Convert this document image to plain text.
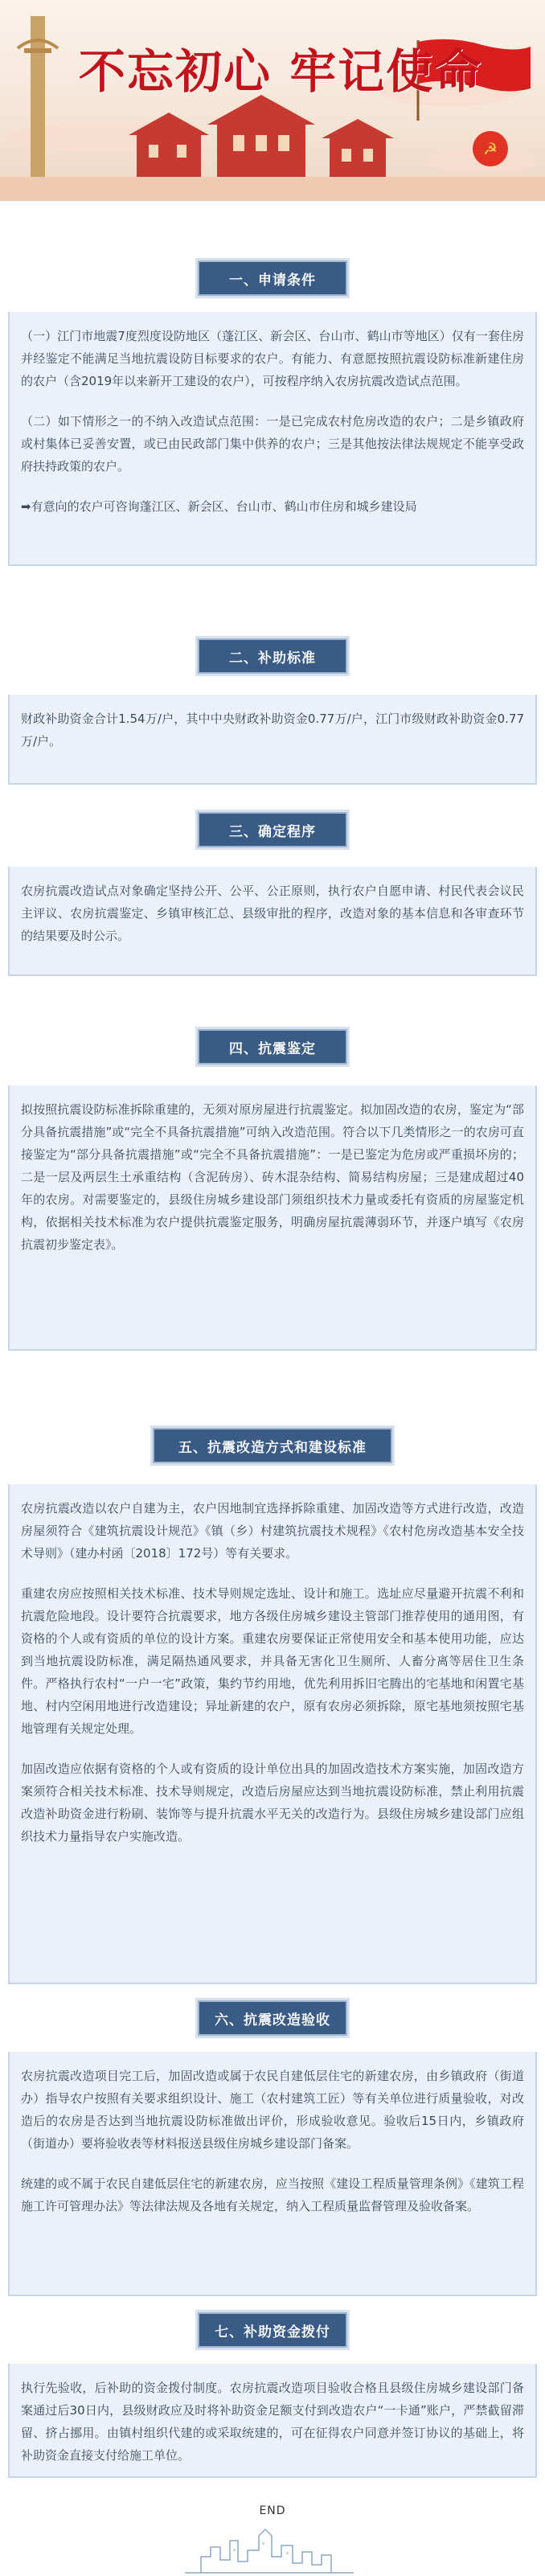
☭
不忘初心 牢记使命
一、申请条件

（一）江门市地震7度烈度设防地区（蓬江区、新会区、台山市、鹤山市等地区）仅有一套住房并经鉴定不能满足当地抗震设防目标要求的农户。有能力、有意愿按照抗震设防标准新建住房的农户（含2019年以来新开工建设的农户），可按程序纳入农房抗震改造试点范围。

（二）如下情形之一的不纳入改造试点范围：一是已完成农村危房改造的农户；二是乡镇政府或村集体已妥善安置，或已由民政部门集中供养的农户；三是其他按法律法规规定不能享受政府扶持政策的农户。

➡有意向的农户可咨询蓬江区、新会区、台山市、鹤山市住房和城乡建设局

二、补助标准

财政补助资金合计1.54万/户，其中中央财政补助资金0.77万/户，江门市级财政补助资金0.77万/户。

三、确定程序

农房抗震改造试点对象确定坚持公开、公平、公正原则，执行农户自愿申请、村民代表会议民主评议、农房抗震鉴定、乡镇审核汇总、县级审批的程序，改造对象的基本信息和各审查环节的结果要及时公示。

四、抗震鉴定

拟按照抗震设防标准拆除重建的，无须对原房屋进行抗震鉴定。拟加固改造的农房，鉴定为“部分具备抗震措施”或“完全不具备抗震措施”可纳入改造范围。符合以下几类情形之一的农房可直接鉴定为“部分具备抗震措施”或“完全不具备抗震措施”：一是已鉴定为危房或严重损坏房的；二是一层及两层生土承重结构（含泥砖房）、砖木混杂结构、简易结构房屋；三是建成超过40年的农房。对需要鉴定的，县级住房城乡建设部门须组织技术力量或委托有资质的房屋鉴定机构，依据相关技术标准为农户提供抗震鉴定服务，明确房屋抗震薄弱环节，并逐户填写《农房抗震初步鉴定表》。

五、抗震改造方式和建设标准

农房抗震改造以农户自建为主，农户因地制宜选择拆除重建、加固改造等方式进行改造，改造房屋须符合《建筑抗震设计规范》《镇（乡）村建筑抗震技术规程》《农村危房改造基本安全技术导则》（建办村函〔2018〕172号）等有关要求。

重建农房应按照相关技术标准、技术导则规定选址、设计和施工。选址应尽量避开抗震不利和抗震危险地段。设计要符合抗震要求，地方各级住房城乡建设主管部门推荐使用的通用图，有资格的个人或有资质的单位的设计方案。重建农房要保证正常使用安全和基本使用功能，应达到当地抗震设防标准，满足隔热通风要求，并具备无害化卫生厕所、人畜分离等居住卫生条件。严格执行农村“一户一宅”政策，集约节约用地，优先利用拆旧宅腾出的宅基地和闲置宅基地、村内空闲用地进行改造建设；异址新建的农户，原有农房必须拆除，原宅基地须按照宅基地管理有关规定处理。

加固改造应依据有资格的个人或有资质的设计单位出具的加固改造技术方案实施，加固改造方案须符合相关技术标准、技术导则规定，改造后房屋应达到当地抗震设防标准，禁止利用抗震改造补助资金进行粉刷、装饰等与提升抗震水平无关的改造行为。县级住房城乡建设部门应组织技术力量指导农户实施改造。

六、抗震改造验收

农房抗震改造项目完工后，加固改造或属于农民自建低层住宅的新建农房，由乡镇政府（街道办）指导农户按照有关要求组织设计、施工（农村建筑工匠）等有关单位进行质量验收，对改造后的农房是否达到当地抗震设防标准做出评价，形成验收意见。验收后15日内，乡镇政府（街道办）要将验收表等材料报送县级住房城乡建设部门备案。

统建的或不属于农民自建低层住宅的新建农房，应当按照《建设工程质量管理条例》《建筑工程施工许可管理办法》等法律法规及各地有关规定，纳入工程质量监督管理及验收备案。

七、补助资金拨付

执行先验收，后补助的资金拨付制度。农房抗震改造项目验收合格且县级住房城乡建设部门备案通过后30日内，县级财政应及时将补助资金足额支付到改造农户“一卡通”账户，严禁截留滞留、挤占挪用。由镇村组织代建的或采取统建的，可在征得农户同意并签订协议的基础上，将补助资金直接支付给施工单位。

END
